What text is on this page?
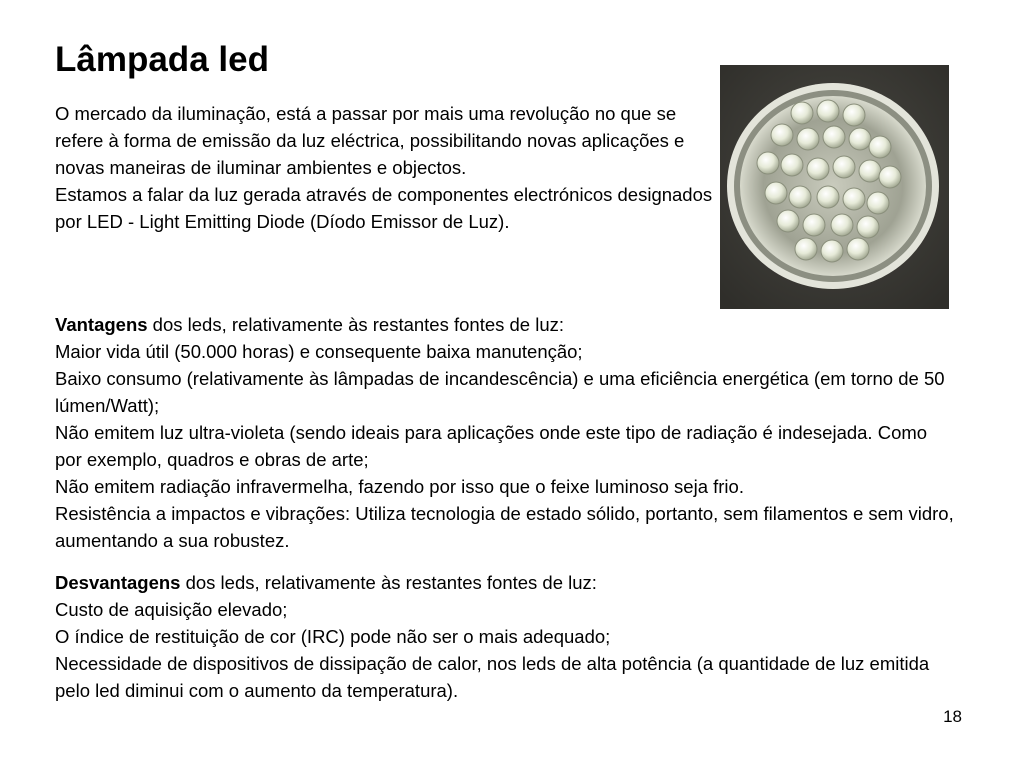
Lâmpada led

O mercado da iluminação, está a passar por mais uma revolução no que se refere à forma de emissão da luz eléctrica, possibilitando novas aplicações e novas maneiras de iluminar ambientes e objectos.

Estamos a falar da luz gerada através de componentes electrónicos designados por LED - Light Emitting Diode (Díodo Emissor de Luz).

Vantagens dos leds, relativamente às restantes fontes de luz:

Maior vida útil (50.000 horas) e consequente baixa manutenção;

Baixo consumo (relativamente às lâmpadas de incandescência) e uma eficiência energética (em torno de 50 lúmen/Watt);

Não emitem luz ultra-violeta (sendo ideais para aplicações onde este tipo de radiação é indesejada. Como por exemplo, quadros e obras de arte;

Não emitem radiação infravermelha, fazendo por isso que o feixe luminoso seja frio.

Resistência a impactos e vibrações: Utiliza tecnologia de estado sólido, portanto, sem filamentos e sem vidro, aumentando a sua robustez.

Desvantagens dos leds, relativamente às restantes fontes de luz:

Custo de aquisição elevado;

O índice de restituição de cor (IRC) pode não ser o mais adequado;

Necessidade de dispositivos de dissipação de calor, nos leds de alta potência (a quantidade de luz emitida pelo led diminui com o aumento da temperatura).

18
